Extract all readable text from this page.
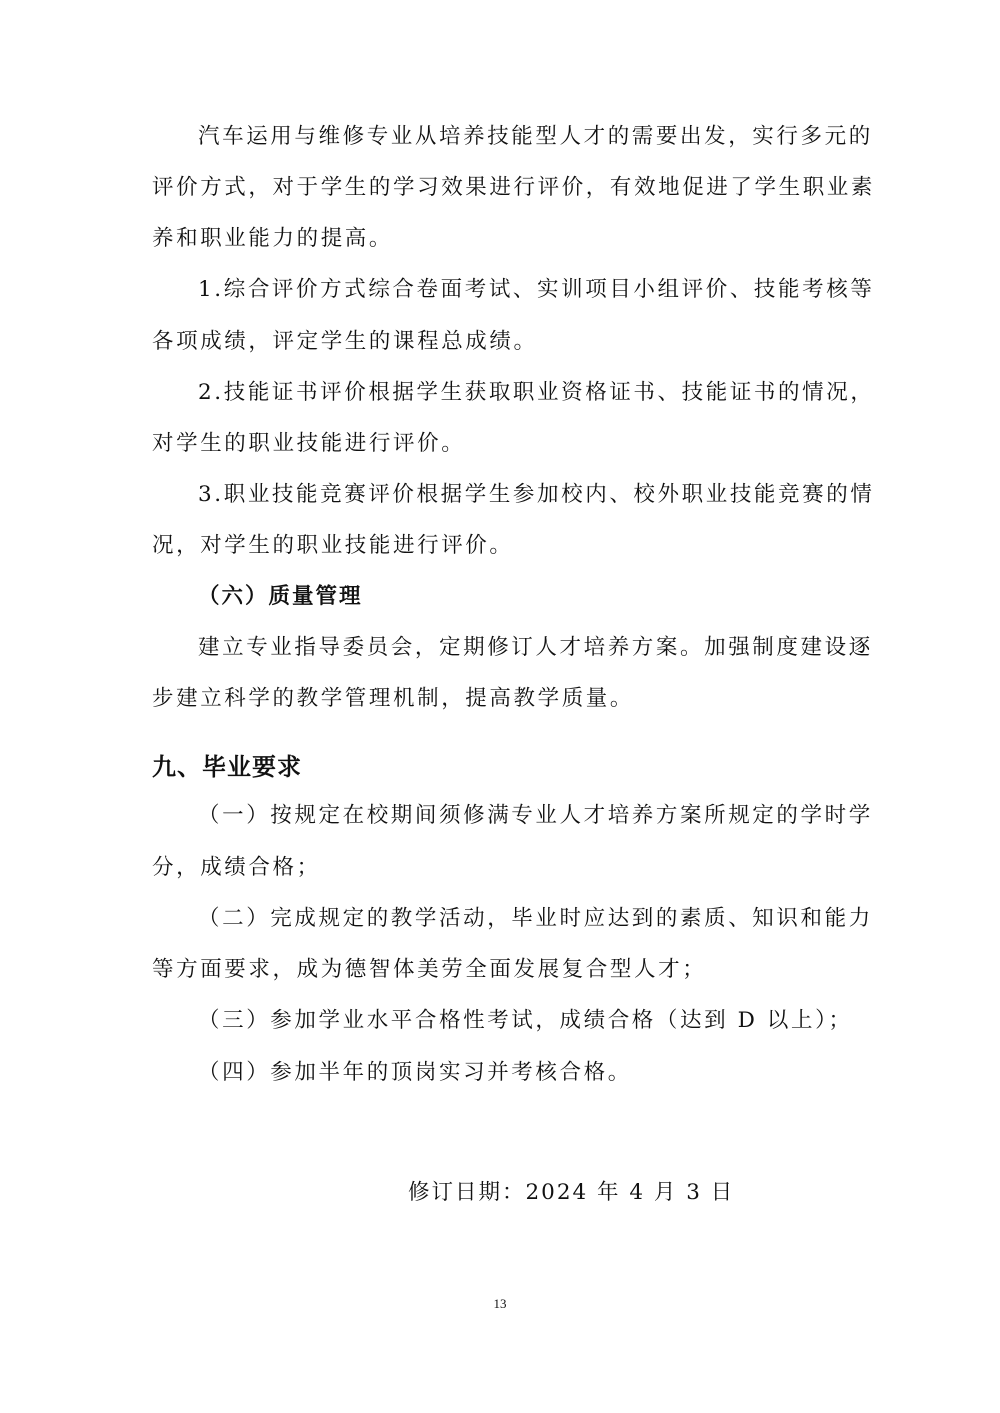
汽车运用与维修专业从培养技能型人才的需要出发，实行多元的
评价方式，对于学生的学习效果进行评价，有效地促进了学生职业素
养和职业能力的提高。
1.综合评价方式综合卷面考试、实训项目小组评价、技能考核等
各项成绩，评定学生的课程总成绩。
2.技能证书评价根据学生获取职业资格证书、技能证书的情况，
对学生的职业技能进行评价。
3.职业技能竞赛评价根据学生参加校内、校外职业技能竞赛的情
况，对学生的职业技能进行评价。
（六）质量管理
建立专业指导委员会，定期修订人才培养方案。加强制度建设逐
步建立科学的教学管理机制，提高教学质量。
九、毕业要求
（一）按规定在校期间须修满专业人才培养方案所规定的学时学
分，成绩合格；
（二）完成规定的教学活动，毕业时应达到的素质、知识和能力
等方面要求，成为德智体美劳全面发展复合型人才；
（三）参加学业水平合格性考试，成绩合格（达到 D 以上）；
（四）参加半年的顶岗实习并考核合格。
修订日期：2024 年 4 月 3 日
13
